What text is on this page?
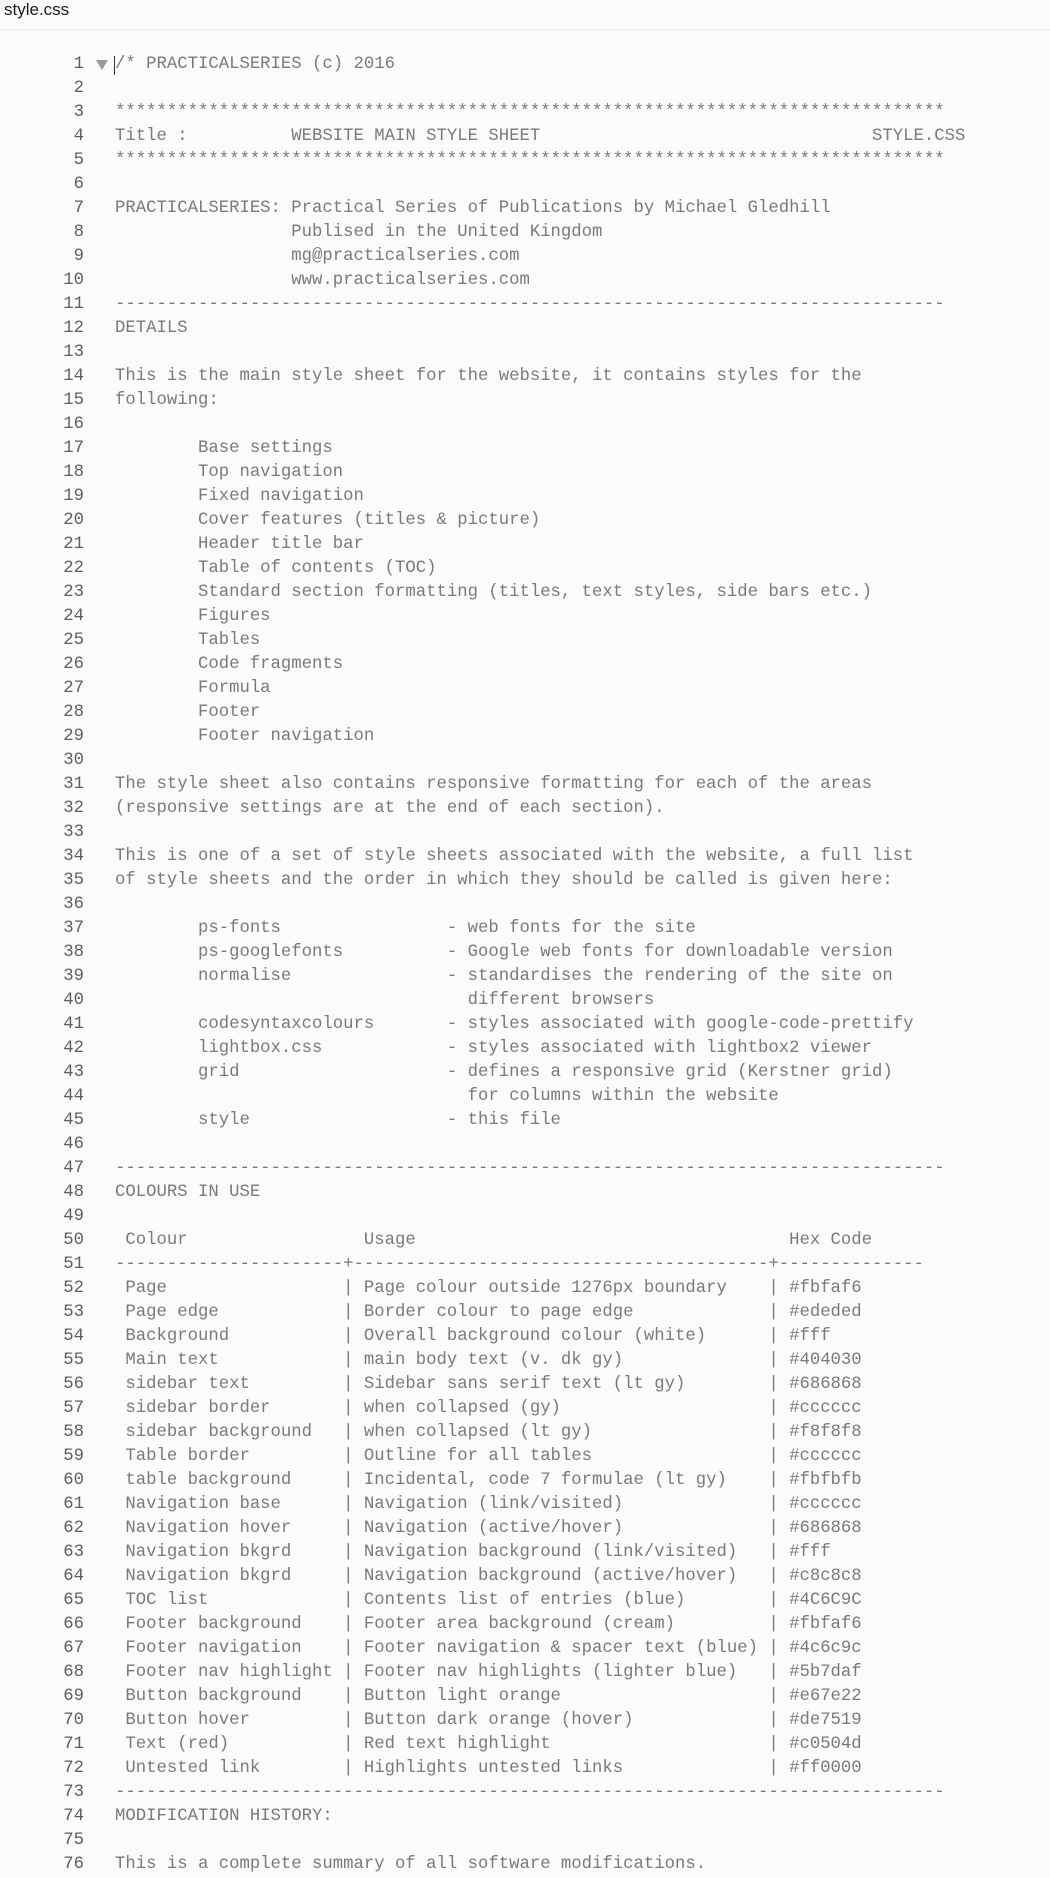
style.css
1 /* PRACTICALSERIES (c) 2016
2
3 ********************************************************************************
4 Title :          WEBSITE MAIN STYLE SHEET                                STYLE.CSS
5 ********************************************************************************
6
7 PRACTICALSERIES: Practical Series of Publications by Michael Gledhill
8 Publised in the United Kingdom
9 mg@practicalseries.com
10 www.practicalseries.com
11 --------------------------------------------------------------------------------
12 DETAILS
13
14 This is the main style sheet for the website, it contains styles for the
15 following:
16
17 Base settings
18 Top navigation
19 Fixed navigation
20 Cover features (titles & picture)
21 Header title bar
22 Table of contents (TOC)
23 Standard section formatting (titles, text styles, side bars etc.)
24 Figures
25 Tables
26 Code fragments
27 Formula
28 Footer
29 Footer navigation
30
31 The style sheet also contains responsive formatting for each of the areas
32 (responsive settings are at the end of each section).
33
34 This is one of a set of style sheets associated with the website, a full list
35 of style sheets and the order in which they should be called is given here:
36
37 ps-fonts                - web fonts for the site
38 ps-googlefonts          - Google web fonts for downloadable version
39 normalise               - standardises the rendering of the site on
40 different browsers
41 codesyntaxcolours       - styles associated with google-code-prettify
42 lightbox.css            - styles associated with lightbox2 viewer
43 grid                    - defines a responsive grid (Kerstner grid)
44 for columns within the website
45 style                   - this file
46
47 --------------------------------------------------------------------------------
48 COLOURS IN USE
49
50 Colour                 Usage                                    Hex Code
51 ----------------------+----------------------------------------+--------------
52 Page                 | Page colour outside 1276px boundary    | #fbfaf6
53 Page edge            | Border colour to page edge             | #ededed
54 Background           | Overall background colour (white)      | #fff
55 Main text            | main body text (v. dk gy)              | #404030
56 sidebar text         | Sidebar sans serif text (lt gy)        | #686868
57 sidebar border       | when collapsed (gy)                    | #cccccc
58 sidebar background   | when collapsed (lt gy)                 | #f8f8f8
59 Table border         | Outline for all tables                 | #cccccc
60 table background     | Incidental, code 7 formulae (lt gy)    | #fbfbfb
61 Navigation base      | Navigation (link/visited)              | #cccccc
62 Navigation hover     | Navigation (active/hover)              | #686868
63 Navigation bkgrd     | Navigation background (link/visited)   | #fff
64 Navigation bkgrd     | Navigation background (active/hover)   | #c8c8c8
65 TOC list             | Contents list of entries (blue)        | #4C6C9C
66 Footer background    | Footer area background (cream)         | #fbfaf6
67 Footer navigation    | Footer navigation & spacer text (blue) | #4c6c9c
68 Footer nav highlight | Footer nav highlights (lighter blue)   | #5b7daf
69 Button background    | Button light orange                    | #e67e22
70 Button hover         | Button dark orange (hover)             | #de7519
71 Text (red)           | Red text highlight                     | #c0504d
72 Untested link        | Highlights untested links              | #ff0000
73 --------------------------------------------------------------------------------
74 MODIFICATION HISTORY:
75
76 This is a complete summary of all software modifications.
